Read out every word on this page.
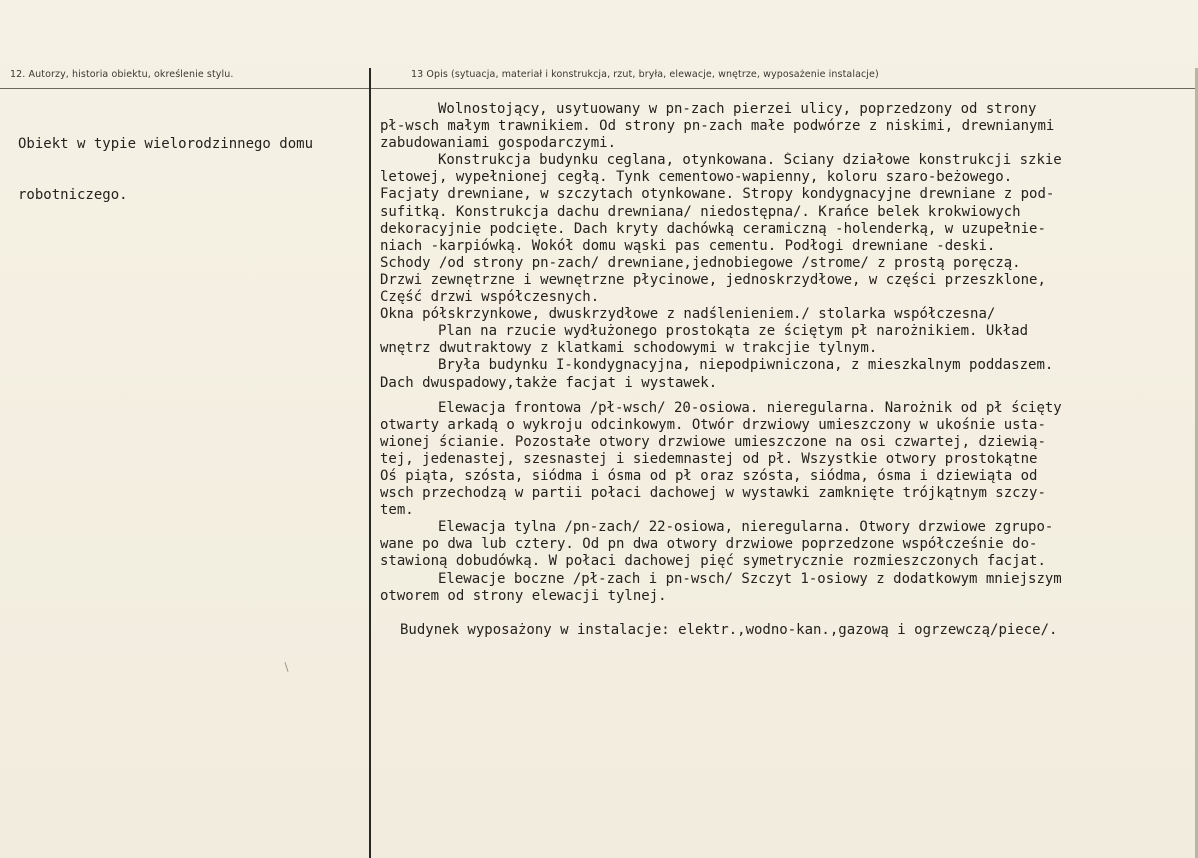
12. Autorzy, historia obiektu, określenie stylu.	13 Opis (sytuacja, materiał i konstrukcja, rzut, bryła, elewacje, wnętrze, wyposażenie instalacje)

Obiekt w typie wielorodzinnego domu

robotniczego.

Wolnostojący, usytuowany w pn-zach pierzei ulicy, poprzedzony od strony
pł-wsch małym trawnikiem. Od strony pn-zach małe podwórze z niskimi, drewnianymi
zabudowaniami gospodarczymi.
Konstrukcja budynku ceglana, otynkowana. Ściany działowe konstrukcji szkie
letowej, wypełnionej cegłą. Tynk cementowo-wapienny, koloru szaro-beżowego.
Facjaty drewniane, w szczytach otynkowane. Stropy kondygnacyjne drewniane z pod-
sufitką. Konstrukcja dachu drewniana/ niedostępna/. Krańce belek krokwiowych
dekoracyjnie podcięte. Dach kryty dachówką ceramiczną -holenderką, w uzupełnie-
niach -karpiówką. Wokół domu wąski pas cementu. Podłogi drewniane -deski.
Schody /od strony pn-zach/ drewniane,jednobiegowe /strome/ z prostą poręczą.
Drzwi zewnętrzne i wewnętrzne płycinowe, jednoskrzydłowe, w części przeszklone,
Część drzwi współczesnych.
Okna półskrzynkowe, dwuskrzydłowe z nadślenieniem./ stolarka współczesna/
Plan na rzucie wydłużonego prostokąta ze ściętym pł narożnikiem. Układ
wnętrz dwutraktowy z klatkami schodowymi w trakcjie tylnym.
Bryła budynku I-kondygnacyjna, niepodpiwniczona, z mieszkalnym poddaszem.
Dach dwuspadowy,także facjat i wystawek.
Elewacja frontowa /pł-wsch/ 20-osiowa. nieregularna. Narożnik od pł ścięty
otwarty arkadą o wykroju odcinkowym. Otwór drzwiowy umieszczony w ukośnie usta-
wionej ścianie. Pozostałe otwory drzwiowe umieszczone na osi czwartej, dziewią-
tej, jedenastej, szesnastej i siedemnastej od pł. Wszystkie otwory prostokątne
Oś piąta, szósta, siódma i ósma od pł oraz szósta, siódma, ósma i dziewiąta od
wsch przechodzą w partii połaci dachowej w wystawki zamknięte trójkątnym szczy-
tem.
Elewacja tylna /pn-zach/ 22-osiowa, nieregularna. Otwory drzwiowe zgrupo-
wane po dwa lub cztery. Od pn dwa otwory drzwiowe poprzedzone współcześnie do-
stawioną dobudówką. W połaci dachowej pięć symetrycznie rozmieszczonych facjat.
Elewacje boczne /pł-zach i pn-wsch/ Szczyt 1-osiowy z dodatkowym mniejszym
otworem od strony elewacji tylnej.
Budynek wyposażony w instalacje: elektr.,wodno-kan.,gazową i ogrzewczą/piece/.
